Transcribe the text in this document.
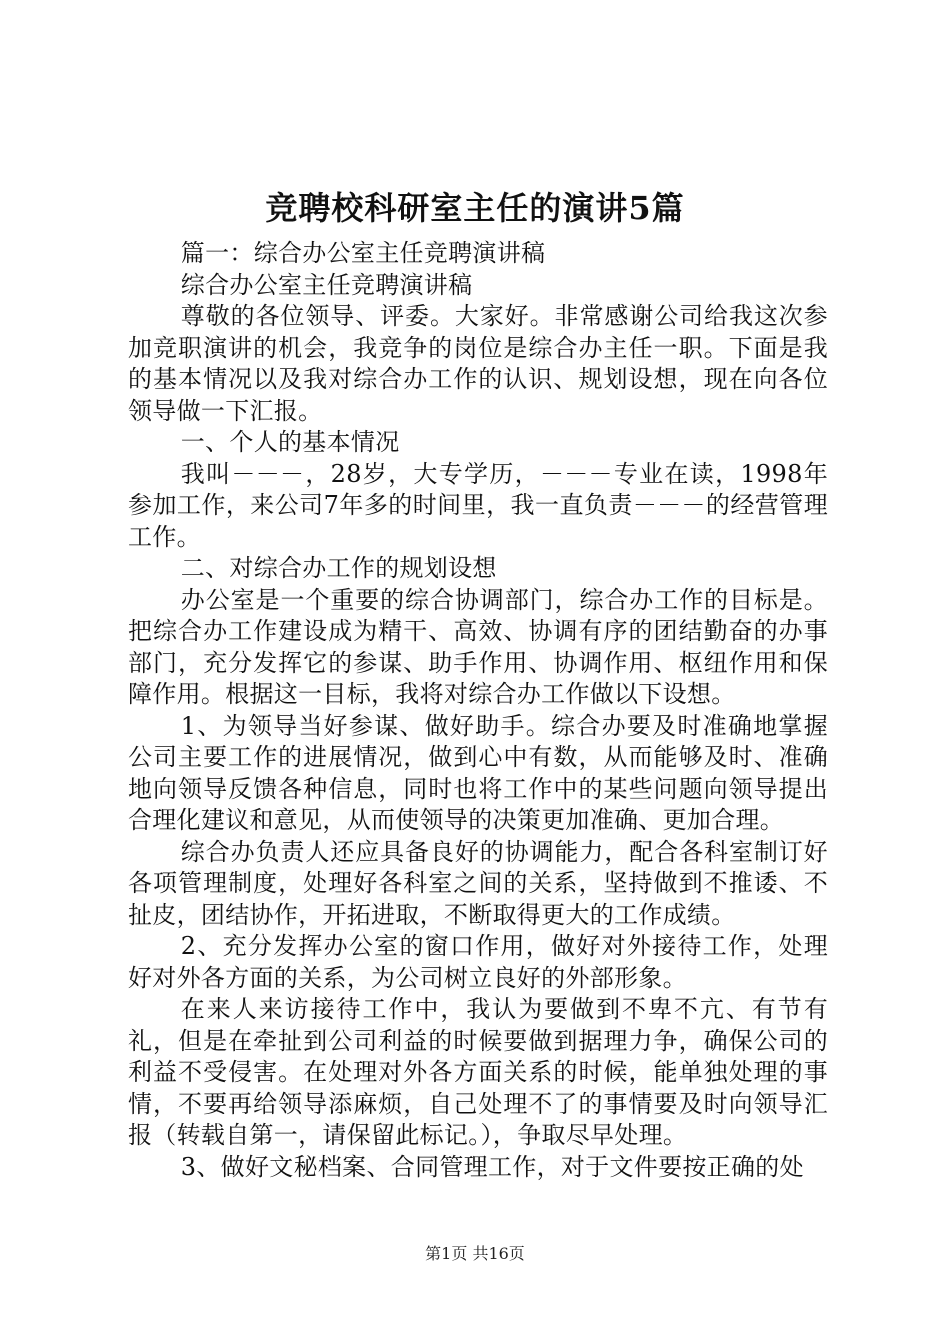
竞聘校科研室主任的演讲5篇

篇一：综合办公室主任竞聘演讲稿

综合办公室主任竞聘演讲稿

尊敬的各位领导、评委。大家好。非常感谢公司给我这次参加竞职演讲的机会，我竞争的岗位是综合办主任一职。下面是我的基本情况以及我对综合办工作的认识、规划设想，现在向各位领导做一下汇报。

一、个人的基本情况

我叫－－－，28岁，大专学历，－－－专业在读，1998年参加工作，来公司7年多的时间里，我一直负责－－－的经营管理工作。

二、对综合办工作的规划设想

办公室是一个重要的综合协调部门，综合办工作的目标是。把综合办工作建设成为精干、高效、协调有序的团结勤奋的办事部门，充分发挥它的参谋、助手作用、协调作用、枢纽作用和保障作用。根据这一目标，我将对综合办工作做以下设想。

1、为领导当好参谋、做好助手。综合办要及时准确地掌握公司主要工作的进展情况，做到心中有数，从而能够及时、准确地向领导反馈各种信息，同时也将工作中的某些问题向领导提出合理化建议和意见，从而使领导的决策更加准确、更加合理。

综合办负责人还应具备良好的协调能力，配合各科室制订好各项管理制度，处理好各科室之间的关系，坚持做到不推诿、不扯皮，团结协作，开拓进取，不断取得更大的工作成绩。

2、充分发挥办公室的窗口作用，做好对外接待工作，处理好对外各方面的关系，为公司树立良好的外部形象。

在来人来访接待工作中，我认为要做到不卑不亢、有节有礼，但是在牵扯到公司利益的时候要做到据理力争，确保公司的利益不受侵害。在处理对外各方面关系的时候，能单独处理的事情，不要再给领导添麻烦，自己处理不了的事情要及时向领导汇报（转载自第一，请保留此标记。），争取尽早处理。

3、做好文秘档案、合同管理工作，对于文件要按正确的处

第1页 共16页
